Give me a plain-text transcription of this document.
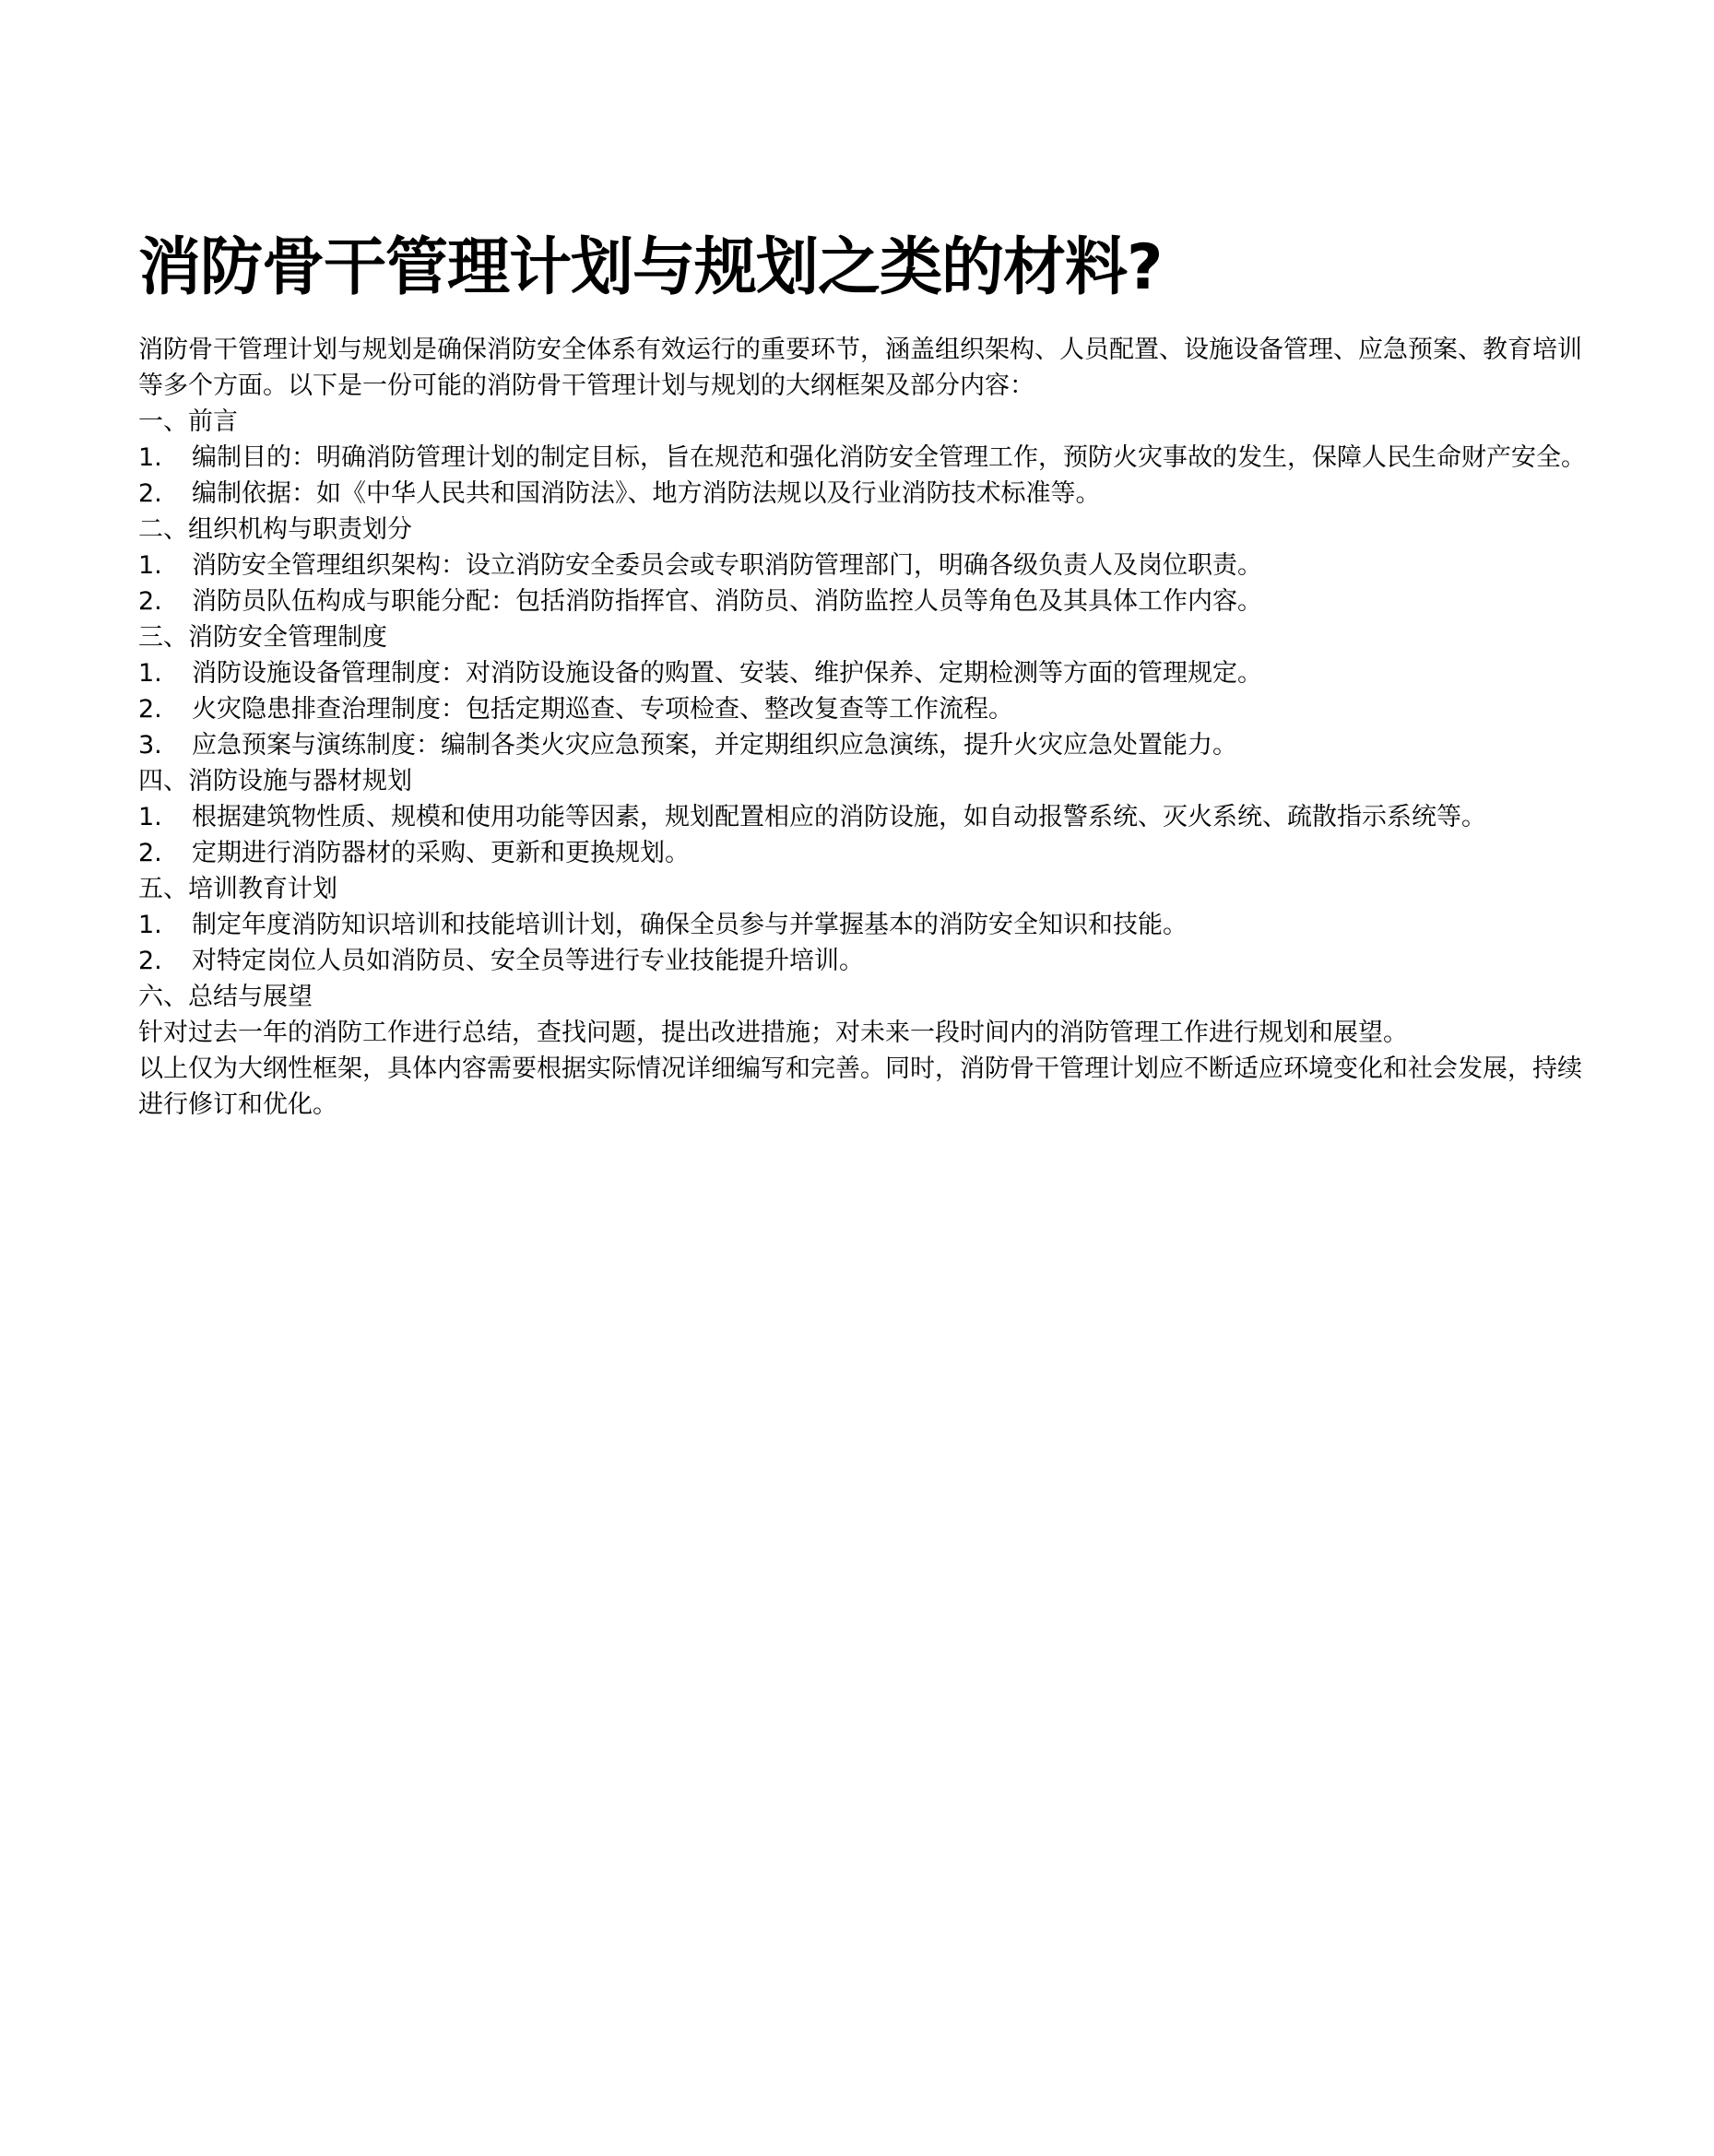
消防骨干管理计划与规划之类的材料?

消防骨干管理计划与规划是确保消防安全体系有效运行的重要环节，涵盖组织架构、人员配置、设施设备管理、应急预案、教育培训等多个方面。以下是一份可能的消防骨干管理计划与规划的大纲框架及部分内容：

一、前言

1.	编制目的：明确消防管理计划的制定目标，旨在规范和强化消防安全管理工作，预防火灾事故的发生，保障人民生命财产安全。
2.	编制依据：如《中华人民共和国消防法》、地方消防法规以及行业消防技术标准等。

二、组织机构与职责划分

1.	消防安全管理组织架构：设立消防安全委员会或专职消防管理部门，明确各级负责人及岗位职责。
2.	消防员队伍构成与职能分配：包括消防指挥官、消防员、消防监控人员等角色及其具体工作内容。

三、消防安全管理制度

1.	消防设施设备管理制度：对消防设施设备的购置、安装、维护保养、定期检测等方面的管理规定。
2.	火灾隐患排查治理制度：包括定期巡查、专项检查、整改复查等工作流程。
3.	应急预案与演练制度：编制各类火灾应急预案，并定期组织应急演练，提升火灾应急处置能力。

四、消防设施与器材规划

1.	根据建筑物性质、规模和使用功能等因素，规划配置相应的消防设施，如自动报警系统、灭火系统、疏散指示系统等。
2.	定期进行消防器材的采购、更新和更换规划。

五、培训教育计划

1.	制定年度消防知识培训和技能培训计划，确保全员参与并掌握基本的消防安全知识和技能。
2.	对特定岗位人员如消防员、安全员等进行专业技能提升培训。

六、总结与展望

针对过去一年的消防工作进行总结，查找问题，提出改进措施；对未来一段时间内的消防管理工作进行规划和展望。

以上仅为大纲性框架，具体内容需要根据实际情况详细编写和完善。同时，消防骨干管理计划应不断适应环境变化和社会发展，持续进行修订和优化。
